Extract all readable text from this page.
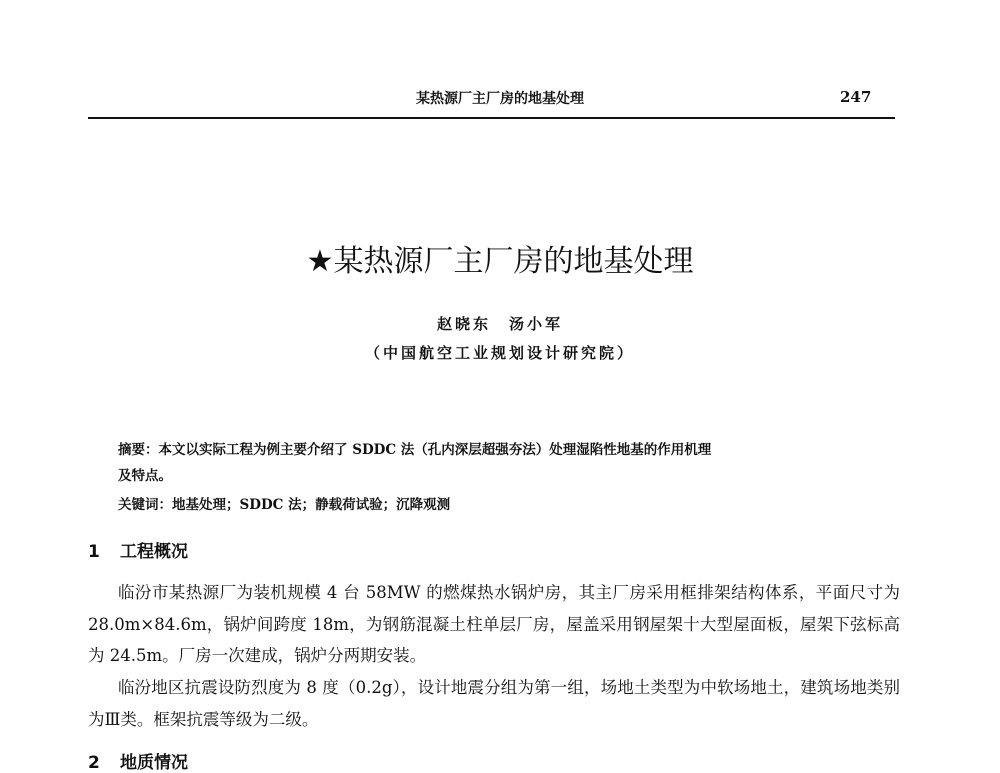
某热源厂主厂房的地基处理	247
★某热源厂主厂房的地基处理
赵晓东　汤小军
（中国航空工业规划设计研究院）
摘要：本文以实际工程为例主要介绍了 SDDC 法（孔内深层超强夯法）处理湿陷性地基的作用机理
及特点。
关键词：地基处理；SDDC 法；静载荷试验；沉降观测
1 工程概况
临汾市某热源厂为装机规模 4 台 58MW 的燃煤热水锅炉房，其主厂房采用框排架结构体系，平面尺寸为 28.0m×84.6m，锅炉间跨度 18m，为钢筋混凝土柱单层厂房，屋盖采用钢屋架十大型屋面板，屋架下弦标高为 24.5m。厂房一次建成，锅炉分两期安装。
临汾地区抗震设防烈度为 8 度（0.2g），设计地震分组为第一组，场地土类型为中软场地土，建筑场地类别为Ⅲ类。框架抗震等级为二级。
2 地质情况
